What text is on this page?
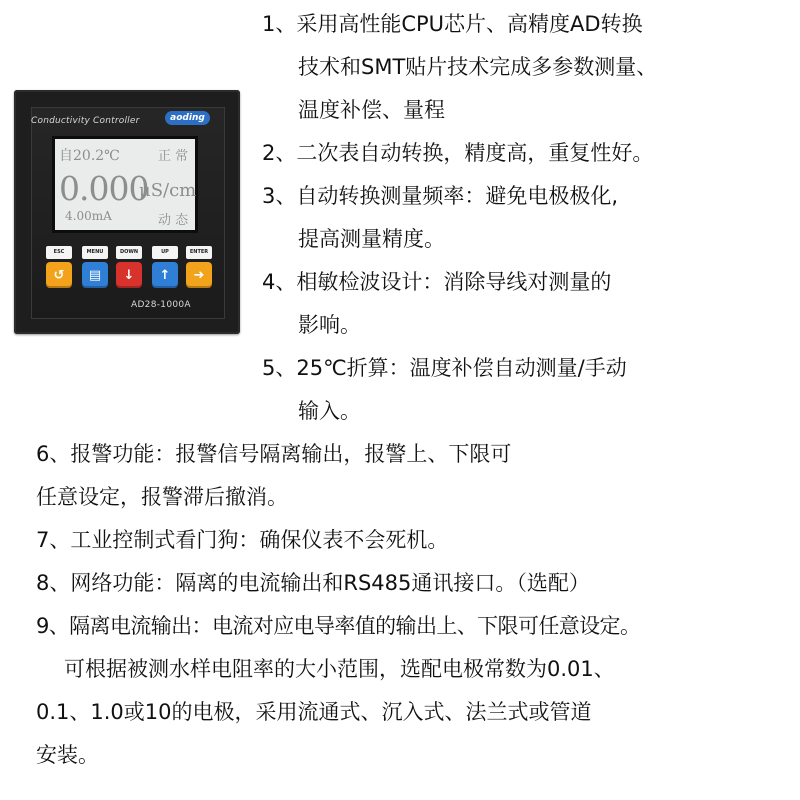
Conductivity Controller	aoding
自20.2℃	正 常
0.000
μS/cm
4.00mA	动 态
ESC	MENU	DOWN	UP	ENTER
↺ ▤ ↓ ↑ ➜
AD28-1000A
1、采用高性能CPU芯片、高精度AD转换
技术和SMT贴片技术完成多参数测量、
温度补偿、量程
2、二次表自动转换，精度高，重复性好。
3、自动转换测量频率：避免电极极化,
提高测量精度。
4、相敏检波设计：消除导线对测量的
影响。
5、25℃折算：温度补偿自动测量/手动
输入。
6、报警功能：报警信号隔离输出，报警上、下限可
任意设定，报警滞后撤消。
7、工业控制式看门狗：确保仪表不会死机。
8、网络功能：隔离的电流输出和RS485通讯接口。（选配）
9、隔离电流输出：电流对应电导率值的输出上、下限可任意设定。
可根据被测水样电阻率的大小范围，选配电极常数为0.01、
0.1、1.0或10的电极，采用流通式、沉入式、法兰式或管道
安装。
